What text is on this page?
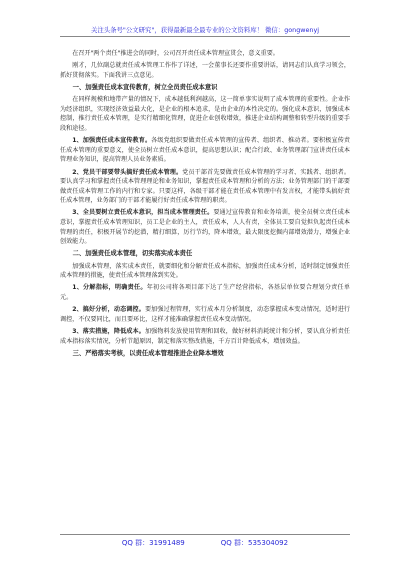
关注头条号"公文研究"，获得最新最全最专业的公文资料库！ 微信：gongwenyj
在召开"两个责任"推进会的同时，公司召开责任成本管理宣贯会，意义重要。
刚才，几位副总就责任成本管理工作作了详述，一会董事长还要作重要讲话，请同志们认真学习领会，抓好贯彻落实。下面我讲三点意见。
一、加强责任成本宣传教育，树立全员责任成本意识
在同样规模和地带产量的情况下，成本越低利润越高，这一简单事实说明了成本管理的重要性。企业作为经济组织，实现经济效益最大化，是企业的根本追求，是由企业的本性决定的。强化成本意识，加强成本控制，推行责任成本管理，是实行精细化管理，促进企业创收增效，推进企业结构调整和转型升级的重要手段和途径。
1、加强责任成本宣传教育。各级党组织要做责任成本管理的宣传者、组织者、推动者。要积极宣传责任成本管理的重要意义，使全员树立责任成本意识，提高思想认识；配合行政、业务管理部门宣讲责任成本管理业务知识，提高管理人员业务素质。
2、党员干部要带头搞好责任成本管理。党员干部首先要做责任成本管理的学习者、实践者、组织者。要认真学习和掌握责任成本管理理论和业务知识，掌握责任成本管理和分析的方法；业务管理部门的干部要做责任成本管理工作的内行和专家。只要这样，各级干部才能在责任成本管理中有发言权，才能带头搞好责任成本管理，业务部门的干部才能履行好责任成本管理的职责。
3、全员要树立责任成本意识，担当成本管理责任。要通过宣传教育和业务培训，使全员树立责任成本意识，掌握责任成本管理知识，员工是企业的主人，责任成本，人人有责，全体员工要自觉担负起责任成本管理的责任，积极开展节约挖潜，精打细算，厉行节约，降本增效，最大限度挖掘内部增效潜力，增强企业创效能力。
二、加强责任成本管理，切实落实成本责任
加强成本管理，落实成本责任，就要细化和分解责任成本指标，加强责任成本分析，适时制定加强责任成本管理的措施，使责任成本管理落到实处。
1、分解指标，明确责任。年初公司将各项目部下达了生产经营指标，各基层单位要合理划分责任单元。
2、搞好分析，动态调控。要加强过程管理，实行成本月分析制度，动态掌握成本变动情况，适时进行调控，不仅要同比，而且要环比，这样才能准确掌握责任成本变动情况。
3、落实措施，降低成本。加强物料发放使用管理和回收，做好材料消耗统计和分析，要认真分析责任成本指标落实情况，分析节超原因，制定和落实整改措施，千方百计降低成本，增加效益。
三、严格落实考核，以责任成本管理推进企业降本增效
QQ 群：31991489	QQ 群：535304092
